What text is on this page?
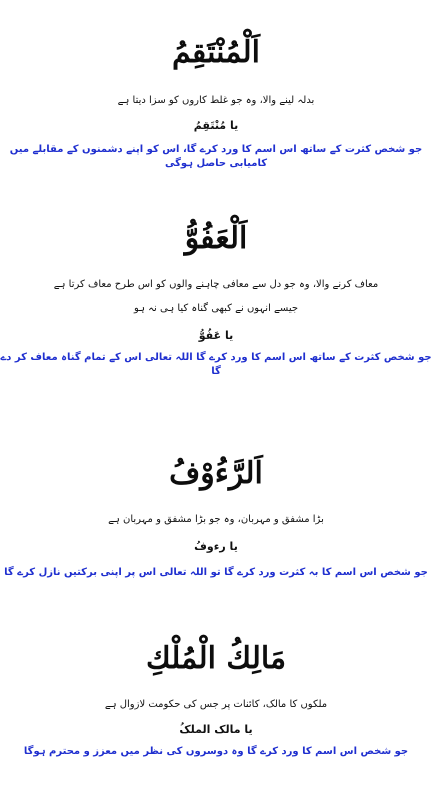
اَلْمُنْتَقِمُ
بدلہ لینے والا، وہ جو غلط کاروں کو سزا دیتا ہے
یا مُنْتَقِمُ
جو شخص کثرت کے ساتھ اس اسم کا ورد کرے گا، اس کو اپنے دشمنوں کے مقابلے میں کامیابی حاصل ہوگی
اَلْعَفُوُّ
معاف کرنے والا، وہ جو دل سے معافی چاہنے والوں کو اس طرح معاف کرتا ہے
جیسے انہوں نے کبھی گناہ کیا ہی نہ ہو
یا عَفُوُّ
جو شخص کثرت کے ساتھ اس اسم کا ورد کرے گا اللہ تعالی اس کے تمام گناہ معاف کر دے گا
اَلرَّءُوْفُ
بڑا مشفق و مہربان، وہ جو بڑا مشفق و مہربان ہے
یا رءوفُ
جو شخص اس اسم کا بہ کثرت ورد کرے گا تو اللہ تعالی اس پر اپنی برکتیں نازل کرے گا
مَالِكُ الْمُلْكِ
ملکوں کا مالک، کائنات پر جس کی حکومت لازوال ہے
یا مالک الملکُ
جو شخص اس اسم کا ورد کرے گا وہ دوسروں کی نظر میں معزز و محترم ہوگا
